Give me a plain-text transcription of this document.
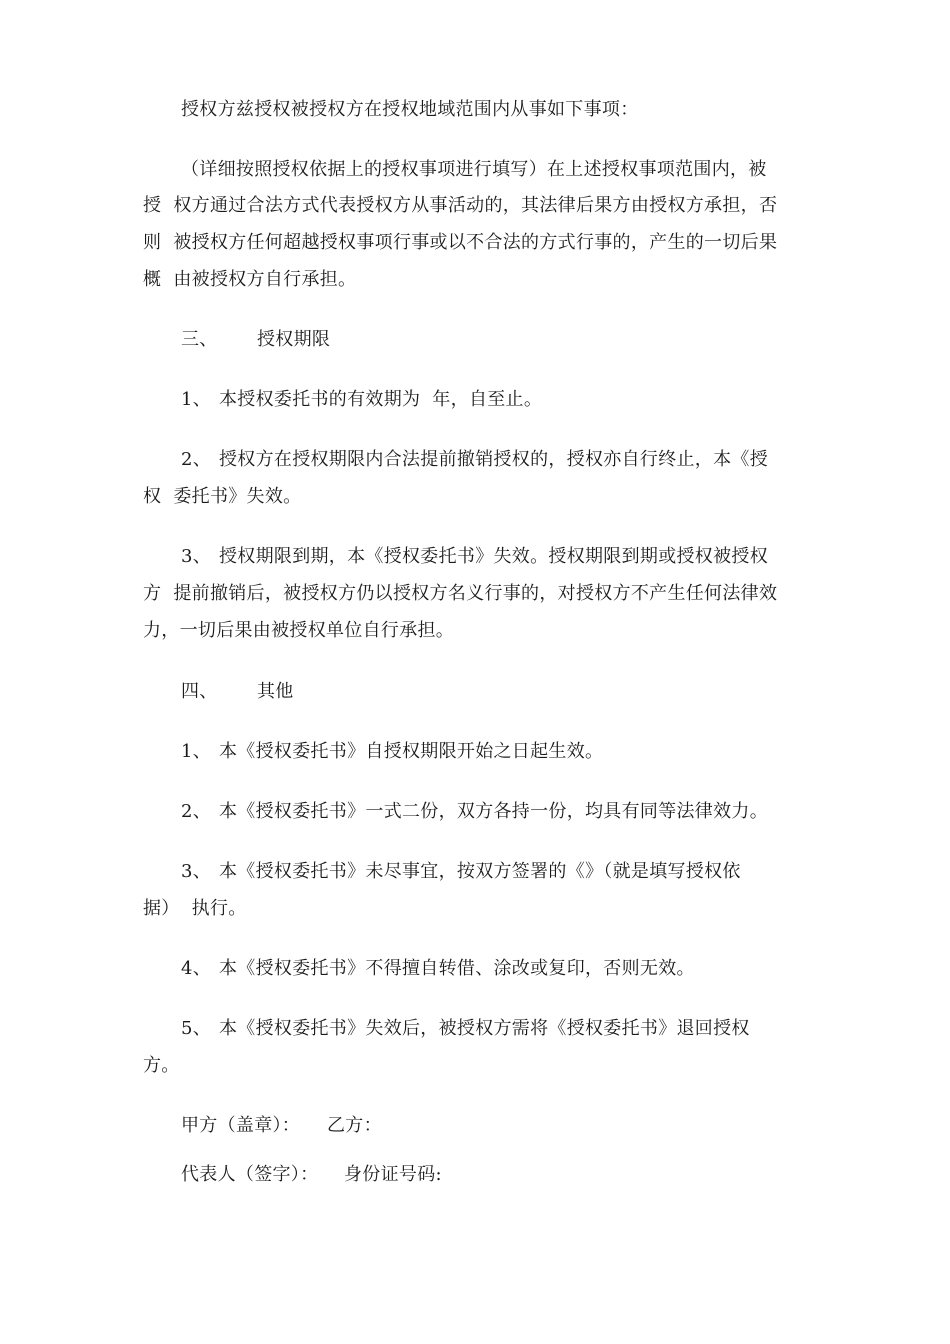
授权方兹授权被授权方在授权地域范围内从事如下事项：
（详细按照授权依据上的授权事项进行填写）在上述授权事项范围内，被
授  权方通过合法方式代表授权方从事活动的，其法律后果方由授权方承担，否
则  被授权方任何超越授权事项行事或以不合法的方式行事的，产生的一切后果
概  由被授权方自行承担。
三、 授权期限
1、 本授权委托书的有效期为  年，自至止。
2、 授权方在授权期限内合法提前撤销授权的，授权亦自行终止，本《授
权  委托书》失效。
3、 授权期限到期，本《授权委托书》失效。授权期限到期或授权被授权
方  提前撤销后，被授权方仍以授权方名义行事的，对授权方不产生任何法律效
力，一切后果由被授权单位自行承担。
四、 其他
1、 本《授权委托书》自授权期限开始之日起生效。
2、 本《授权委托书》一式二份，双方各持一份，均具有同等法律效力。
3、 本《授权委托书》未尽事宜，按双方签署的《》（就是填写授权依
据）  执行。
4、 本《授权委托书》不得擅自转借、涂改或复印，否则无效。
5、 本《授权委托书》失效后，被授权方需将《授权委托书》退回授权
方。
甲方（盖章）： 乙方：
代表人（签字）： 身份证号码:
